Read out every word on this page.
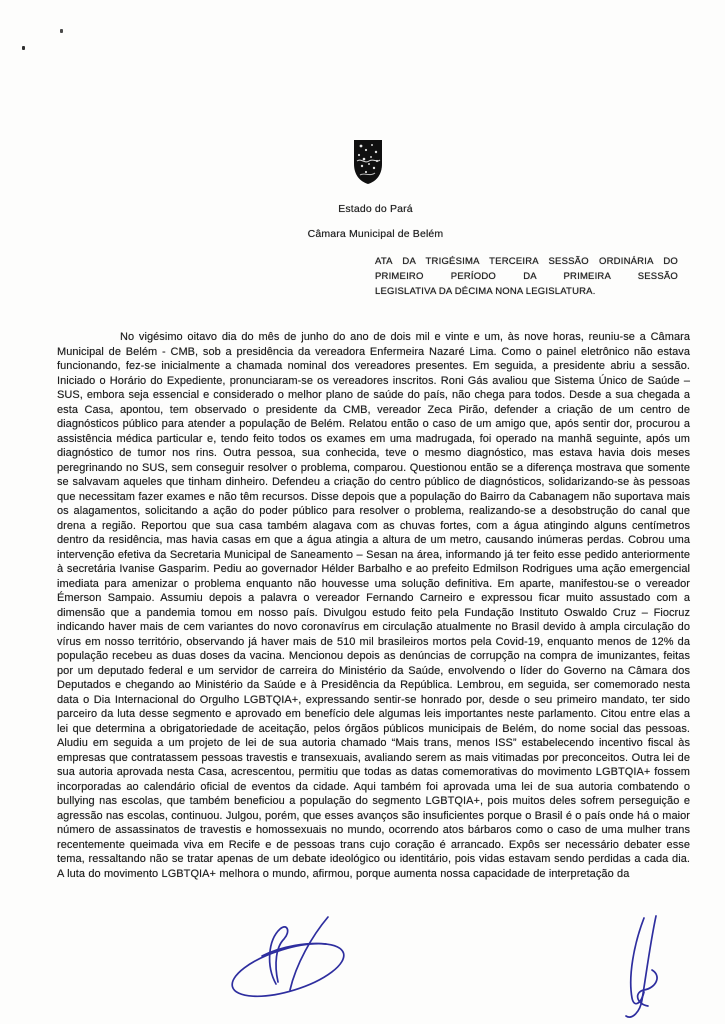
Estado do Pará
Câmara Municipal de Belém
ATA DA TRIGÉSIMA TERCEIRA SESSÃO ORDINÁRIA DO
PRIMEIRO PERÍODO DA PRIMEIRA SESSÃO
LEGISLATIVA DA DÉCIMA NONA LEGISLATURA.
No vigésimo oitavo dia do mês de junho do ano de dois mil e vinte e um, às nove horas, reuniu-se a Câmara Municipal de Belém - CMB, sob a presidência da vereadora Enfermeira Nazaré Lima. Como o painel eletrônico não estava funcionando, fez-se inicialmente a chamada nominal dos vereadores presentes. Em seguida, a presidente abriu a sessão. Iniciado o Horário do Expediente, pronunciaram-se os vereadores inscritos. Roni Gás avaliou que Sistema Único de Saúde – SUS, embora seja essencial e considerado o melhor plano de saúde do país, não chega para todos. Desde a sua chegada a esta Casa, apontou, tem observado o presidente da CMB, vereador Zeca Pirão, defender a criação de um centro de diagnósticos público para atender a população de Belém. Relatou então o caso de um amigo que, após sentir dor, procurou a assistência médica particular e, tendo feito todos os exames em uma madrugada, foi operado na manhã seguinte, após um diagnóstico de tumor nos rins. Outra pessoa, sua conhecida, teve o mesmo diagnóstico, mas estava havia dois meses peregrinando no SUS, sem conseguir resolver o problema, comparou. Questionou então se a diferença mostrava que somente se salvavam aqueles que tinham dinheiro. Defendeu a criação do centro público de diagnósticos, solidarizando-se às pessoas que necessitam fazer exames e não têm recursos. Disse depois que a população do Bairro da Cabanagem não suportava mais os alagamentos, solicitando a ação do poder público para resolver o problema, realizando-se a desobstrução do canal que drena a região. Reportou que sua casa também alagava com as chuvas fortes, com a água atingindo alguns centímetros dentro da residência, mas havia casas em que a água atingia a altura de um metro, causando inúmeras perdas. Cobrou uma intervenção efetiva da Secretaria Municipal de Saneamento – Sesan na área, informando já ter feito esse pedido anteriormente à secretária Ivanise Gasparim. Pediu ao governador Hélder Barbalho e ao prefeito Edmilson Rodrigues uma ação emergencial imediata para amenizar o problema enquanto não houvesse uma solução definitiva. Em aparte, manifestou-se o vereador Émerson Sampaio. Assumiu depois a palavra o vereador Fernando Carneiro e expressou ficar muito assustado com a dimensão que a pandemia tomou em nosso país. Divulgou estudo feito pela Fundação Instituto Oswaldo Cruz – Fiocruz indicando haver mais de cem variantes do novo coronavírus em circulação atualmente no Brasil devido à ampla circulação do vírus em nosso território, observando já haver mais de 510 mil brasileiros mortos pela Covid-19, enquanto menos de 12% da população recebeu as duas doses da vacina. Mencionou depois as denúncias de corrupção na compra de imunizantes, feitas por um deputado federal e um servidor de carreira do Ministério da Saúde, envolvendo o líder do Governo na Câmara dos Deputados e chegando ao Ministério da Saúde e à Presidência da República. Lembrou, em seguida, ser comemorado nesta data o Dia Internacional do Orgulho LGBTQIA+, expressando sentir-se honrado por, desde o seu primeiro mandato, ter sido parceiro da luta desse segmento e aprovado em benefício dele algumas leis importantes neste parlamento. Citou entre elas a lei que determina a obrigatoriedade de aceitação, pelos órgãos públicos municipais de Belém, do nome social das pessoas. Aludiu em seguida a um projeto de lei de sua autoria chamado “Mais trans, menos ISS” estabelecendo incentivo fiscal às empresas que contratassem pessoas travestis e transexuais, avaliando serem as mais vitimadas por preconceitos. Outra lei de sua autoria aprovada nesta Casa, acrescentou, permitiu que todas as datas comemorativas do movimento LGBTQIA+ fossem incorporadas ao calendário oficial de eventos da cidade. Aqui também foi aprovada uma lei de sua autoria combatendo o bullying nas escolas, que também beneficiou a população do segmento LGBTQIA+, pois muitos deles sofrem perseguição e agressão nas escolas, continuou. Julgou, porém, que esses avanços são insuficientes porque o Brasil é o país onde há o maior número de assassinatos de travestis e homossexuais no mundo, ocorrendo atos bárbaros como o caso de uma mulher trans recentemente queimada viva em Recife e de pessoas trans cujo coração é arrancado. Expôs ser necessário debater esse tema, ressaltando não se tratar apenas de um debate ideológico ou identitário, pois vidas estavam sendo perdidas a cada dia. A luta do movimento LGBTQIA+ melhora o mundo, afirmou, porque aumenta nossa capacidade de interpretação da
